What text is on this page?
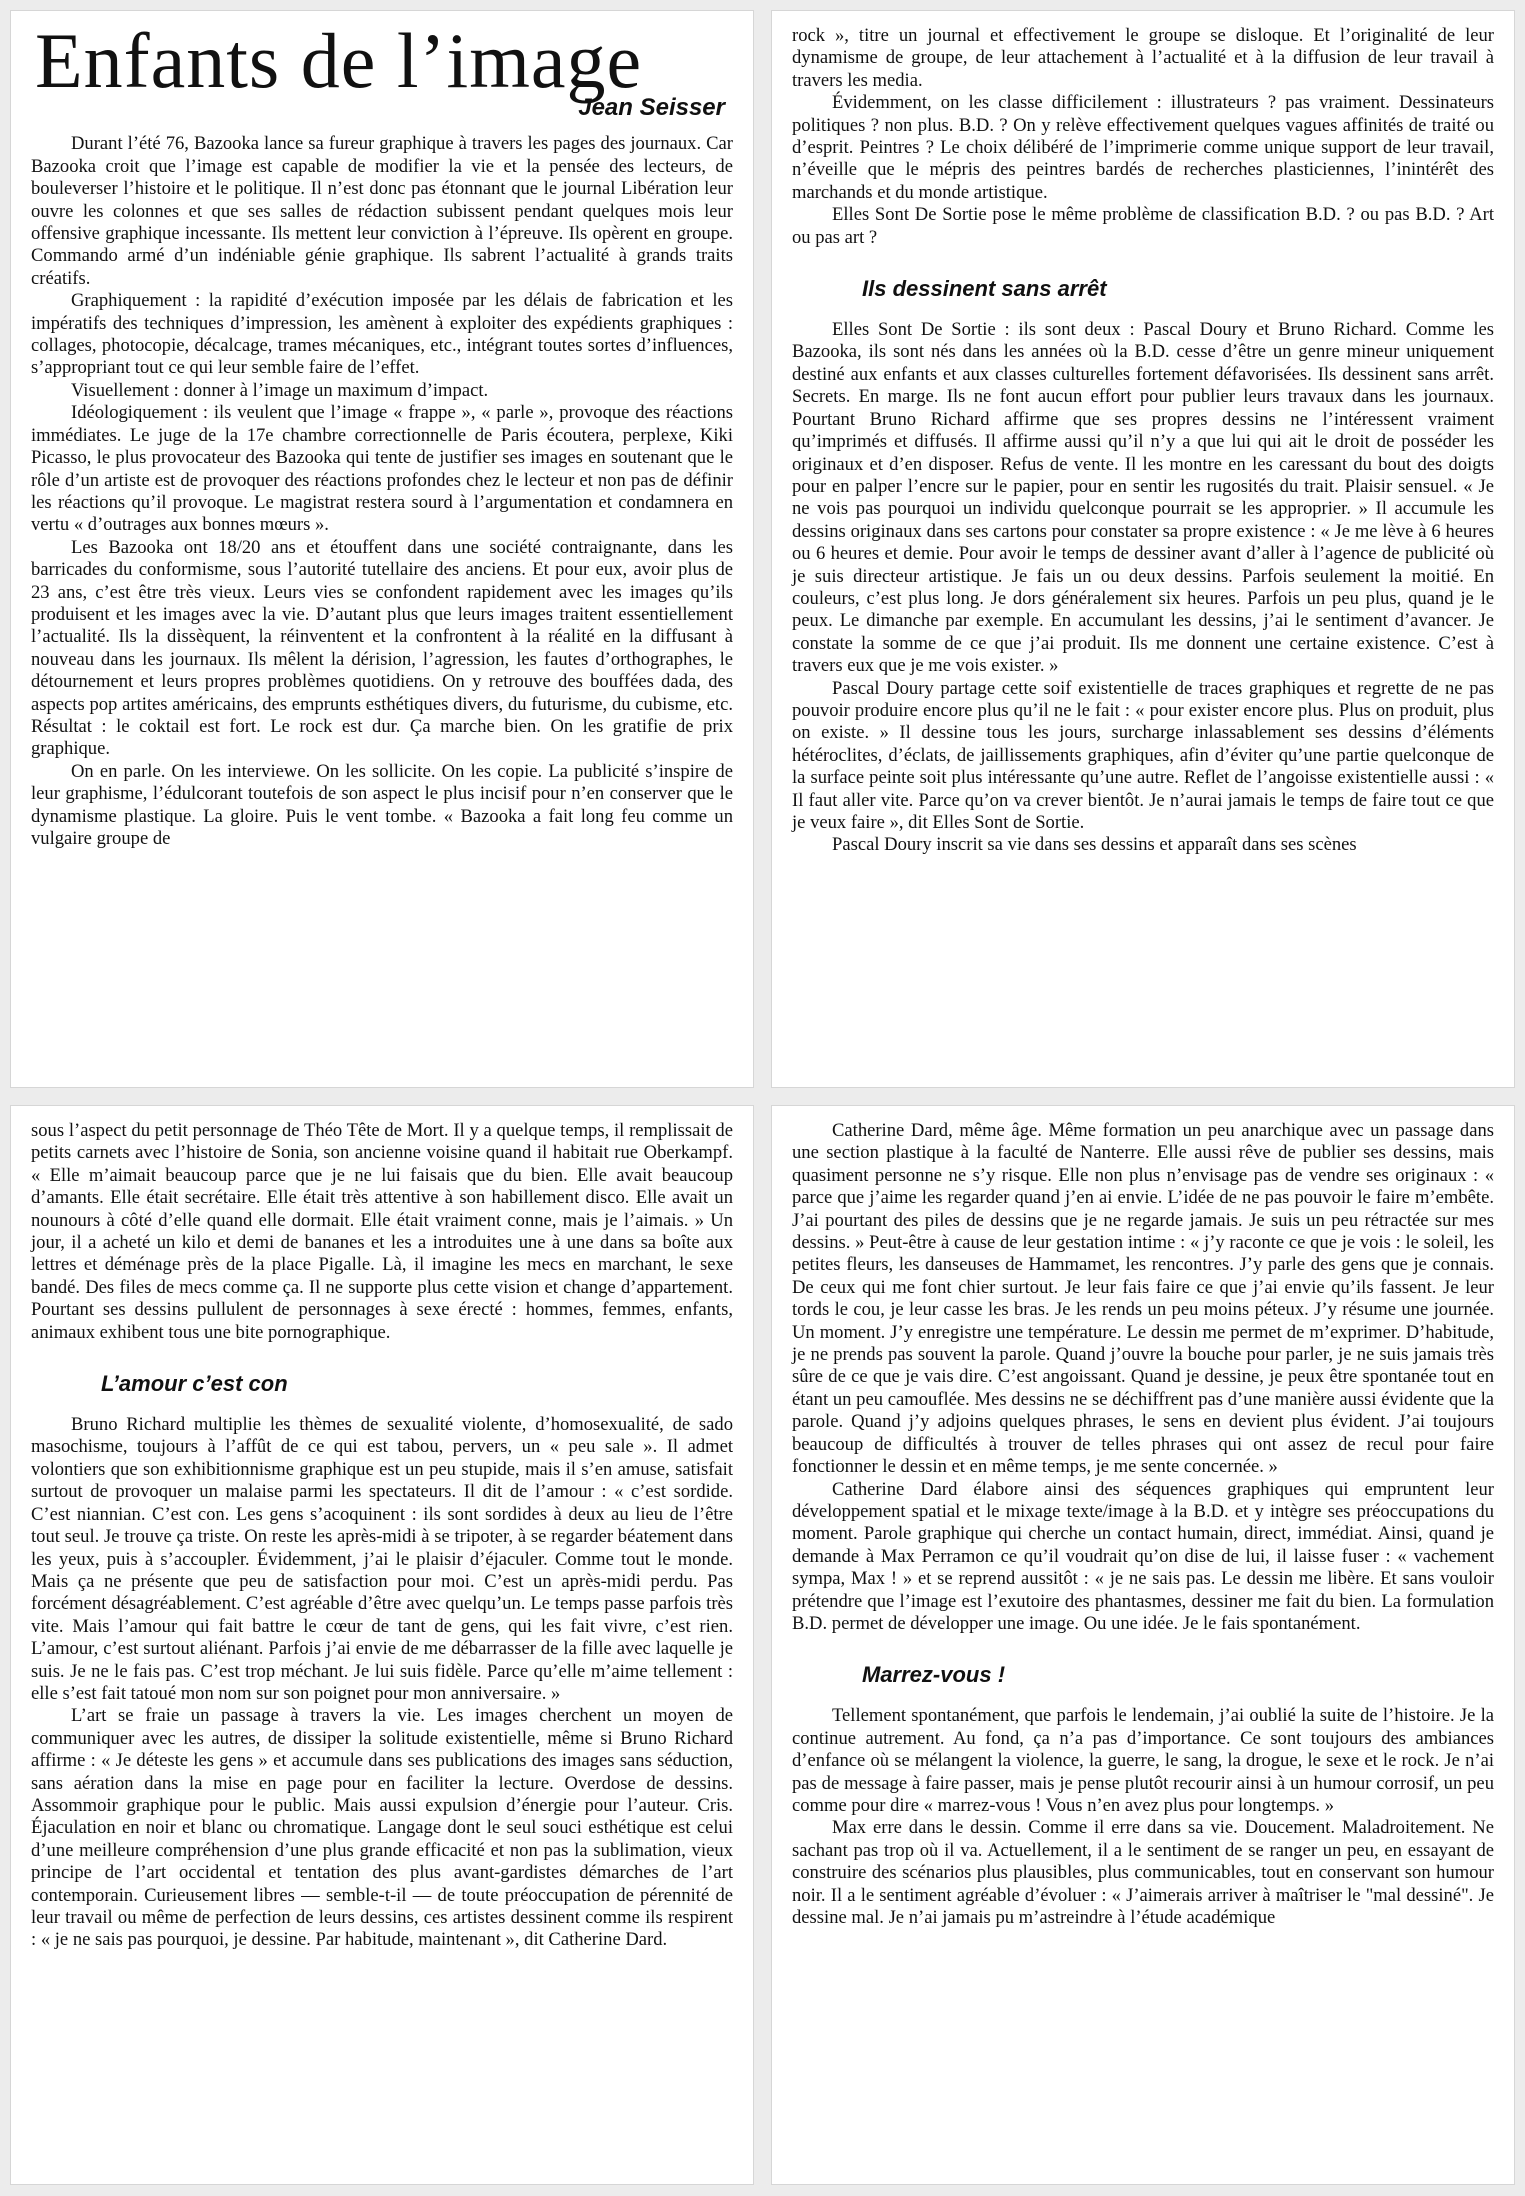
Enfants de l’image
Jean Seisser

Durant l’été 76, Bazooka lance sa fureur graphique à travers les pages des journaux. Car Bazooka croit que l’image est capable de modifier la vie et la pensée des lecteurs, de bouleverser l’histoire et le politique. Il n’est donc pas étonnant que le journal Libération leur ouvre les colonnes et que ses salles de rédaction subissent pendant quelques mois leur offensive graphique incessante. Ils mettent leur conviction à l’épreuve. Ils opèrent en groupe. Commando armé d’un indéniable génie graphique. Ils sabrent l’actualité à grands traits créatifs.

Graphiquement : la rapidité d’exécution imposée par les délais de fabrication et les impératifs des techniques d’impression, les amènent à exploiter des expédients graphiques : collages, photocopie, décalcage, trames mécaniques, etc., intégrant toutes sortes d’influences, s’appropriant tout ce qui leur semble faire de l’effet.

Visuellement : donner à l’image un maximum d’impact.

Idéologiquement : ils veulent que l’image « frappe », « parle », provoque des réactions immédiates. Le juge de la 17e chambre correctionnelle de Paris écoutera, perplexe, Kiki Picasso, le plus provocateur des Bazooka qui tente de justifier ses images en soutenant que le rôle d’un artiste est de provoquer des réactions profondes chez le lecteur et non pas de définir les réactions qu’il provoque. Le magistrat restera sourd à l’argumentation et condamnera en vertu « d’outrages aux bonnes mœurs ».

Les Bazooka ont 18/20 ans et étouffent dans une société contraignante, dans les barricades du conformisme, sous l’autorité tutellaire des anciens. Et pour eux, avoir plus de 23 ans, c’est être très vieux. Leurs vies se confondent rapidement avec les images qu’ils produisent et les images avec la vie. D’autant plus que leurs images traitent essentiellement l’actualité. Ils la dissèquent, la réinventent et la confrontent à la réalité en la diffusant à nouveau dans les journaux. Ils mêlent la dérision, l’agression, les fautes d’orthographes, le détournement et leurs propres problèmes quotidiens. On y retrouve des bouffées dada, des aspects pop artites américains, des emprunts esthétiques divers, du futurisme, du cubisme, etc. Résultat : le coktail est fort. Le rock est dur. Ça marche bien. On les gratifie de prix graphique.

On en parle. On les interviewe. On les sollicite. On les copie. La publicité s’inspire de leur graphisme, l’édulcorant toutefois de son aspect le plus incisif pour n’en conserver que le dynamisme plastique. La gloire. Puis le vent tombe. « Bazooka a fait long feu comme un vulgaire groupe de

rock », titre un journal et effectivement le groupe se disloque. Et l’originalité de leur dynamisme de groupe, de leur attachement à l’actualité et à la diffusion de leur travail à travers les media.

Évidemment, on les classe difficilement : illustrateurs ? pas vraiment. Dessinateurs politiques ? non plus. B.D. ? On y relève effectivement quelques vagues affinités de traité ou d’esprit. Peintres ? Le choix délibéré de l’imprimerie comme unique support de leur travail, n’éveille que le mépris des peintres bardés de recherches plasticiennes, l’inintérêt des marchands et du monde artistique.

Elles Sont De Sortie pose le même problème de classification B.D. ? ou pas B.D. ? Art ou pas art ?

Ils dessinent sans arrêt

Elles Sont De Sortie : ils sont deux : Pascal Doury et Bruno Richard. Comme les Bazooka, ils sont nés dans les années où la B.D. cesse d’être un genre mineur uniquement destiné aux enfants et aux classes culturelles fortement défavorisées. Ils dessinent sans arrêt. Secrets. En marge. Ils ne font aucun effort pour publier leurs travaux dans les journaux. Pourtant Bruno Richard affirme que ses propres dessins ne l’intéressent vraiment qu’imprimés et diffusés. Il affirme aussi qu’il n’y a que lui qui ait le droit de posséder les originaux et d’en disposer. Refus de vente. Il les montre en les caressant du bout des doigts pour en palper l’encre sur le papier, pour en sentir les rugosités du trait. Plaisir sensuel. « Je ne vois pas pourquoi un individu quelconque pourrait se les approprier. » Il accumule les dessins originaux dans ses cartons pour constater sa propre existence : « Je me lève à 6 heures ou 6 heures et demie. Pour avoir le temps de dessiner avant d’aller à l’agence de publicité où je suis directeur artistique. Je fais un ou deux dessins. Parfois seulement la moitié. En couleurs, c’est plus long. Je dors généralement six heures. Parfois un peu plus, quand je le peux. Le dimanche par exemple. En accumulant les dessins, j’ai le sentiment d’avancer. Je constate la somme de ce que j’ai produit. Ils me donnent une certaine existence. C’est à travers eux que je me vois exister. »

Pascal Doury partage cette soif existentielle de traces graphiques et regrette de ne pas pouvoir produire encore plus qu’il ne le fait : « pour exister encore plus. Plus on produit, plus on existe. » Il dessine tous les jours, surcharge inlassablement ses dessins d’éléments hétéroclites, d’éclats, de jaillissements graphiques, afin d’éviter qu’une partie quelconque de la surface peinte soit plus intéressante qu’une autre. Reflet de l’angoisse existentielle aussi : « Il faut aller vite. Parce qu’on va crever bientôt. Je n’aurai jamais le temps de faire tout ce que je veux faire », dit Elles Sont de Sortie.

Pascal Doury inscrit sa vie dans ses dessins et apparaît dans ses scènes

sous l’aspect du petit personnage de Théo Tête de Mort. Il y a quelque temps, il remplissait de petits carnets avec l’histoire de Sonia, son ancienne voisine quand il habitait rue Oberkampf. « Elle m’aimait beaucoup parce que je ne lui faisais que du bien. Elle avait beaucoup d’amants. Elle était secrétaire. Elle était très attentive à son habillement disco. Elle avait un nounours à côté d’elle quand elle dormait. Elle était vraiment conne, mais je l’aimais. » Un jour, il a acheté un kilo et demi de bananes et les a introduites une à une dans sa boîte aux lettres et déménage près de la place Pigalle. Là, il imagine les mecs en marchant, le sexe bandé. Des files de mecs comme ça. Il ne supporte plus cette vision et change d’appartement. Pourtant ses dessins pullulent de personnages à sexe érecté : hommes, femmes, enfants, animaux exhibent tous une bite pornographique.

L’amour c’est con

Bruno Richard multiplie les thèmes de sexualité violente, d’homosexualité, de sado masochisme, toujours à l’affût de ce qui est tabou, pervers, un « peu sale ». Il admet volontiers que son exhibitionnisme graphique est un peu stupide, mais il s’en amuse, satisfait surtout de provoquer un malaise parmi les spectateurs. Il dit de l’amour : « c’est sordide. C’est niannian. C’est con. Les gens s’acoquinent : ils sont sordides à deux au lieu de l’être tout seul. Je trouve ça triste. On reste les après-midi à se tripoter, à se regarder béatement dans les yeux, puis à s’accoupler. Évidemment, j’ai le plaisir d’éjaculer. Comme tout le monde. Mais ça ne présente que peu de satisfaction pour moi. C’est un après-midi perdu. Pas forcément désagréablement. C’est agréable d’être avec quelqu’un. Le temps passe parfois très vite. Mais l’amour qui fait battre le cœur de tant de gens, qui les fait vivre, c’est rien. L’amour, c’est surtout aliénant. Parfois j’ai envie de me débarrasser de la fille avec laquelle je suis. Je ne le fais pas. C’est trop méchant. Je lui suis fidèle. Parce qu’elle m’aime tellement : elle s’est fait tatoué mon nom sur son poignet pour mon anniversaire. »

L’art se fraie un passage à travers la vie. Les images cherchent un moyen de communiquer avec les autres, de dissiper la solitude existentielle, même si Bruno Richard affirme : « Je déteste les gens » et accumule dans ses publications des images sans séduction, sans aération dans la mise en page pour en faciliter la lecture. Overdose de dessins. Assommoir graphique pour le public. Mais aussi expulsion d’énergie pour l’auteur. Cris. Éjaculation en noir et blanc ou chromatique. Langage dont le seul souci esthétique est celui d’une meilleure compréhension d’une plus grande efficacité et non pas la sublimation, vieux principe de l’art occidental et tentation des plus avant-gardistes démarches de l’art contemporain. Curieusement libres — semble-t-il — de toute préoccupation de pérennité de leur travail ou même de perfection de leurs dessins, ces artistes dessinent comme ils respirent : « je ne sais pas pourquoi, je dessine. Par habitude, maintenant », dit Catherine Dard.

Catherine Dard, même âge. Même formation un peu anarchique avec un passage dans une section plastique à la faculté de Nanterre. Elle aussi rêve de publier ses dessins, mais quasiment personne ne s’y risque. Elle non plus n’envisage pas de vendre ses originaux : « parce que j’aime les regarder quand j’en ai envie. L’idée de ne pas pouvoir le faire m’embête. J’ai pourtant des piles de dessins que je ne regarde jamais. Je suis un peu rétractée sur mes dessins. » Peut-être à cause de leur gestation intime : « j’y raconte ce que je vois : le soleil, les petites fleurs, les danseuses de Hammamet, les rencontres. J’y parle des gens que je connais. De ceux qui me font chier surtout. Je leur fais faire ce que j’ai envie qu’ils fassent. Je leur tords le cou, je leur casse les bras. Je les rends un peu moins péteux. J’y résume une journée. Un moment. J’y enregistre une température. Le dessin me permet de m’exprimer. D’habitude, je ne prends pas souvent la parole. Quand j’ouvre la bouche pour parler, je ne suis jamais très sûre de ce que je vais dire. C’est angoissant. Quand je dessine, je peux être spontanée tout en étant un peu camouflée. Mes dessins ne se déchiffrent pas d’une manière aussi évidente que la parole. Quand j’y adjoins quelques phrases, le sens en devient plus évident. J’ai toujours beaucoup de difficultés à trouver de telles phrases qui ont assez de recul pour faire fonctionner le dessin et en même temps, je me sente concernée. »

Catherine Dard élabore ainsi des séquences graphiques qui empruntent leur développement spatial et le mixage texte/image à la B.D. et y intègre ses préoccupations du moment. Parole graphique qui cherche un contact humain, direct, immédiat. Ainsi, quand je demande à Max Perramon ce qu’il voudrait qu’on dise de lui, il laisse fuser : « vachement sympa, Max ! » et se reprend aussitôt : « je ne sais pas. Le dessin me libère. Et sans vouloir prétendre que l’image est l’exutoire des phantasmes, dessiner me fait du bien. La formulation B.D. permet de développer une image. Ou une idée. Je le fais spontanément.

Marrez-vous !

Tellement spontanément, que parfois le lendemain, j’ai oublié la suite de l’histoire. Je la continue autrement. Au fond, ça n’a pas d’importance. Ce sont toujours des ambiances d’enfance où se mélangent la violence, la guerre, le sang, la drogue, le sexe et le rock. Je n’ai pas de message à faire passer, mais je pense plutôt recourir ainsi à un humour corrosif, un peu comme pour dire « marrez-vous ! Vous n’en avez plus pour longtemps. »

Max erre dans le dessin. Comme il erre dans sa vie. Doucement. Maladroitement. Ne sachant pas trop où il va. Actuellement, il a le sentiment de se ranger un peu, en essayant de construire des scénarios plus plausibles, plus communicables, tout en conservant son humour noir. Il a le sentiment agréable d’évoluer : « J’aimerais arriver à maîtriser le "mal dessiné". Je dessine mal. Je n’ai jamais pu m’astreindre à l’étude académique
